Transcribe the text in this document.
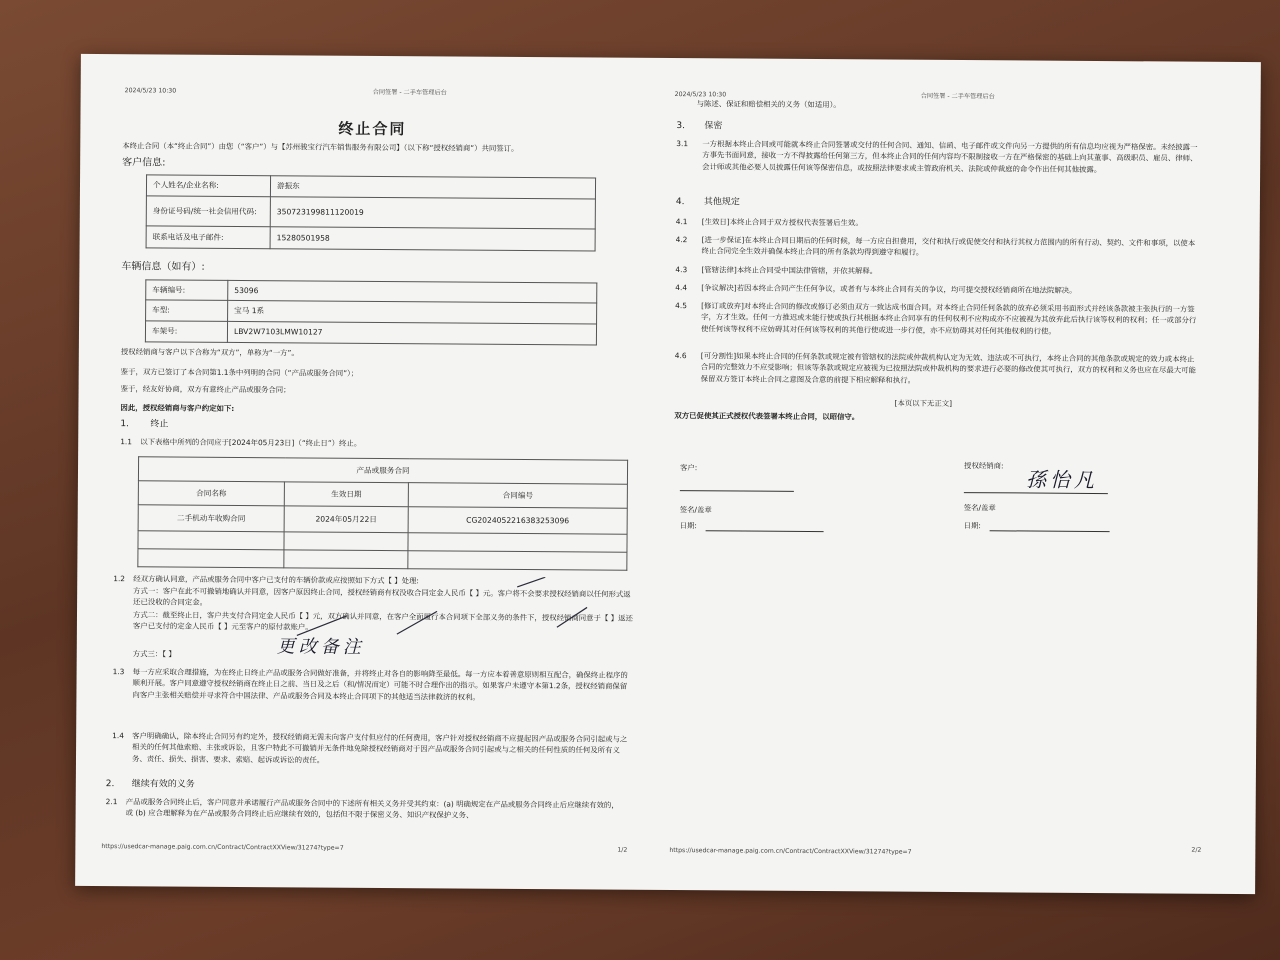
2024/5/23 10:30	合同签署 - 二手车管理后台
终止合同
本终止合同（本“终止合同”）由您（“客户”）与【苏州骏宝行汽车销售服务有限公司】（以下称“授权经销商”）共同签订。
客户信息:
个人姓名/企业名称:	游振东
身份证号码/统一社会信用代码:	350723199811120019
联系电话及电子邮件:	15280501958
车辆信息（如有）:
车辆编号:	53096
车型:	宝马 1系
车架号:	LBV2W7103LMW10127
授权经销商与客户以下合称为“双方”，单称为“一方”。
鉴于，双方已签订了本合同第1.1条中列明的合同（“产品或服务合同”）；
鉴于，经友好协商，双方有意终止产品或服务合同；
因此，授权经销商与客户约定如下:
1. 终止
1.1 以下表格中所列的合同应于[2024年05月23日]（“终止日”）终止。
产品或服务合同		
合同名称	生效日期	合同编号
二手机动车收购合同	2024年05月22日	CG2024052216383253096

1.2 经双方确认同意，产品或服务合同中客户已支付的车辆价款或应按照如下方式【 】处理:
方式一：客户在此不可撤销地确认并同意，因客户原因终止合同，授权经销商有权没收合同定金人民币【 】元。客户将不会要求授权经销商以任何形式返还已没收的合同定金。
方式二：截至终止日，客户共支付合同定金人民币【 】元，双方确认并同意，在客户全面履行本合同项下全部义务的条件下，授权经销商同意于【 】返还客户已支付的定金人民币【 】元至客户的原付款账户。
方式三：【 】	更改备注
1.3 每一方应采取合理措施，为在终止日终止产品或服务合同做好准备，并将终止对各自的影响降至最低。每一方应本着善意原则相互配合，确保终止程序的顺利开展。客户同意遵守授权经销商在终止日之前、当日及之后（和/情况而定）可能不时合理作出的指示。如果客户未遵守本第1.2条，授权经销商保留向客户主张相关赔偿并寻求符合中国法律、产品或服务合同及本终止合同项下的其他适当法律救济的权利。
1.4 客户明确确认，除本终止合同另有约定外，授权经销商无需未向客户支付但应付的任何费用，客户针对授权经销商不应提起因产品或服务合同引起或与之相关的任何其他索赔、主张或诉讼，且客户特此不可撤销并无条件地免除授权经销商对于因产品或服务合同引起或与之相关的任何性质的任何及所有义务、责任、损失、损害、要求、索赔、起诉或诉讼的责任。
2. 继续有效的义务
2.1 产品或服务合同终止后，客户同意并承诺履行产品或服务合同中的下述所有相关义务并受其约束：(a) 明确规定在产品或服务合同终止后应继续有效的，或 (b) 应合理解释为在产品或服务合同终止后应继续有效的，包括但不限于保密义务、知识产权保护义务、
https://usedcar-manage.paig.com.cn/Contract/ContractXXView/31274?type=7	1/2
2024/5/23 10:30	合同签署 - 二手车管理后台
与陈述、保证和赔偿相关的义务（如适用）。
3. 保密
3.1 一方根据本终止合同或可能就本终止合同签署或交付的任何合同、通知、信函、电子邮件或文件向另一方提供的所有信息均应视为严格保密。未经披露一方事先书面同意，接收一方不得披露给任何第三方，但本终止合同的任何内容均不限制接收一方在严格保密的基础上向其董事、高级职员、雇员、律师、会计师或其他必要人员披露任何该等保密信息，或按照法律要求或主管政府机关、法院或仲裁庭的命令作出任何其他披露。
4. 其他规定
4.1 [生效日]本终止合同于双方授权代表签署后生效。
4.2 [进一步保证]在本终止合同日期后的任何时候，每一方应自担费用，交付和执行或促使交付和执行其权力范围内的所有行动、契约、文件和事项，以使本终止合同完全生效并确保本终止合同的所有条款均得到遵守和履行。
4.3 [管辖法律]本终止合同受中国法律管辖，并依其解释。
4.4 [争议解决]若因本终止合同产生任何争议，或者有与本终止合同有关的争议，均可提交授权经销商所在地法院解决。
4.5 [修订或放弃]对本终止合同的修改或修订必须由双方一致达成书面合同。对本终止合同任何条款的放弃必须采用书面形式并经该条款被主张执行的一方签字，方才生效。任何一方推迟或未能行使或执行其根据本终止合同享有的任何权利不应构成亦不应被视为其放弃此后执行该等权利的权利；任一或部分行使任何该等权利不应妨碍其对任何该等权利的其他行使或进一步行使，亦不应妨碍其对任何其他权利的行使。
4.6 [可分割性]如果本终止合同的任何条款或规定被有管辖权的法院或仲裁机构认定为无效、违法或不可执行，本终止合同的其他条款或规定的效力或本终止合同的完整效力不应受影响；但该等条款或规定应被视为已按照法院或仲裁机构的要求进行必要的修改使其可执行，双方的权利和义务也应在尽最大可能保留双方签订本终止合同之意图及合意的前提下相应解释和执行。
[本页以下无正文]
双方已促使其正式授权代表签署本终止合同，以昭信守。
客户:
签名/盖章
日期:
授权经销商:
孫怡凡
签名/盖章
日期:
https://usedcar-manage.paig.com.cn/Contract/ContractXXView/31274?type=7	2/2
